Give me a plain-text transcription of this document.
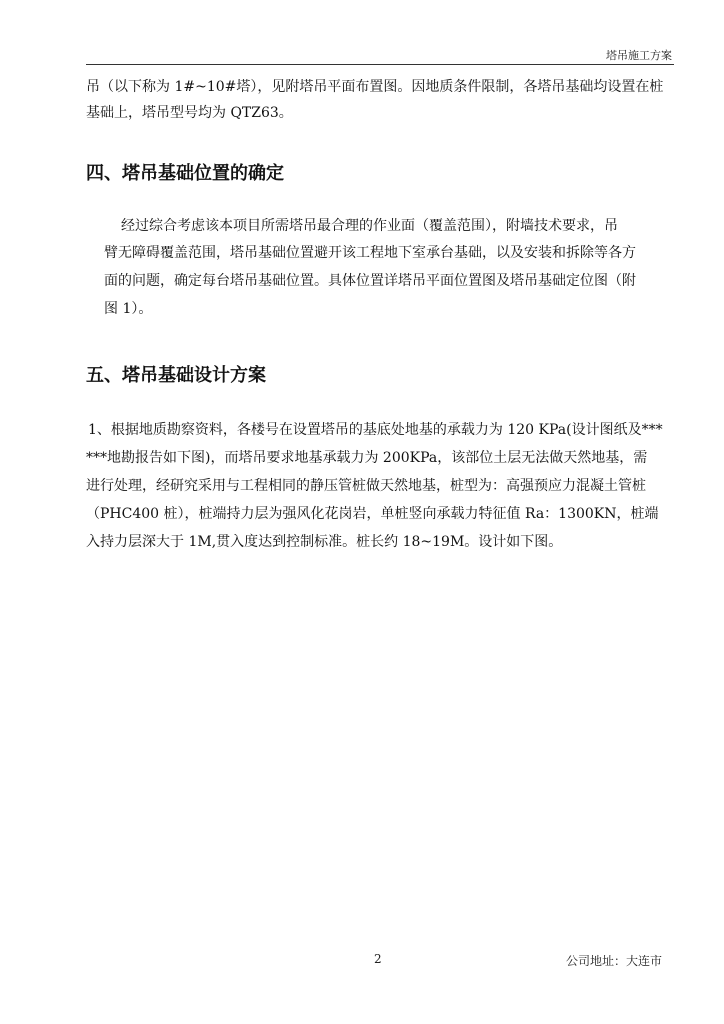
塔吊施工方案
吊（以下称为 1#~10#塔），见附塔吊平面布置图。因地质条件限制，各塔吊基础均设置在桩
基础上，塔吊型号均为 QTZ63。
四、塔吊基础位置的确定
经过综合考虑该本项目所需塔吊最合理的作业面（覆盖范围），附墙技术要求，吊
臂无障碍覆盖范围，塔吊基础位置避开该工程地下室承台基础，以及安装和拆除等各方
面的问题，确定每台塔吊基础位置。具体位置详塔吊平面位置图及塔吊基础定位图（附
图 1）。
五、塔吊基础设计方案
1、根据地质勘察资料，各楼号在设置塔吊的基底处地基的承载力为 120 KPa(设计图纸及***
***地勘报告如下图)，而塔吊要求地基承载力为 200KPa，该部位土层无法做天然地基，需
进行处理，经研究采用与工程相同的静压管桩做天然地基，桩型为：高强预应力混凝土管桩
（PHC400 桩），桩端持力层为强风化花岗岩，单桩竖向承载力特征值 Ra：1300KN，桩端
入持力层深大于 1M,贯入度达到控制标准。桩长约 18~19M。设计如下图。
2	公司地址：大连市
